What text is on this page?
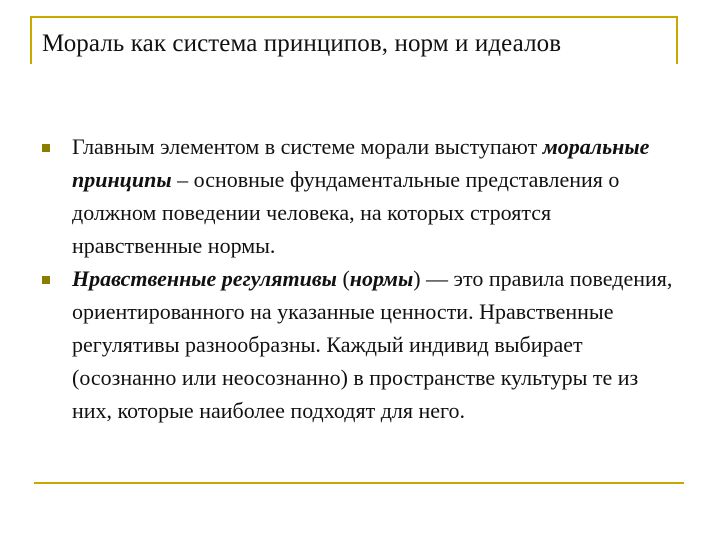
Мораль как система принципов, норм и идеалов

Главным элементом в системе морали выступают моральные принципы – основные фундаментальные представления о должном поведении человека, на которых строятся нравственные нормы.

Нравственные регулятивы (нормы) — это правила поведения, ориентированного на указанные ценности. Нравственные регулятивы разнообразны. Каждый индивид выбирает (осознанно или неосознанно) в пространстве культуры те из них, которые наиболее подходят для него.
